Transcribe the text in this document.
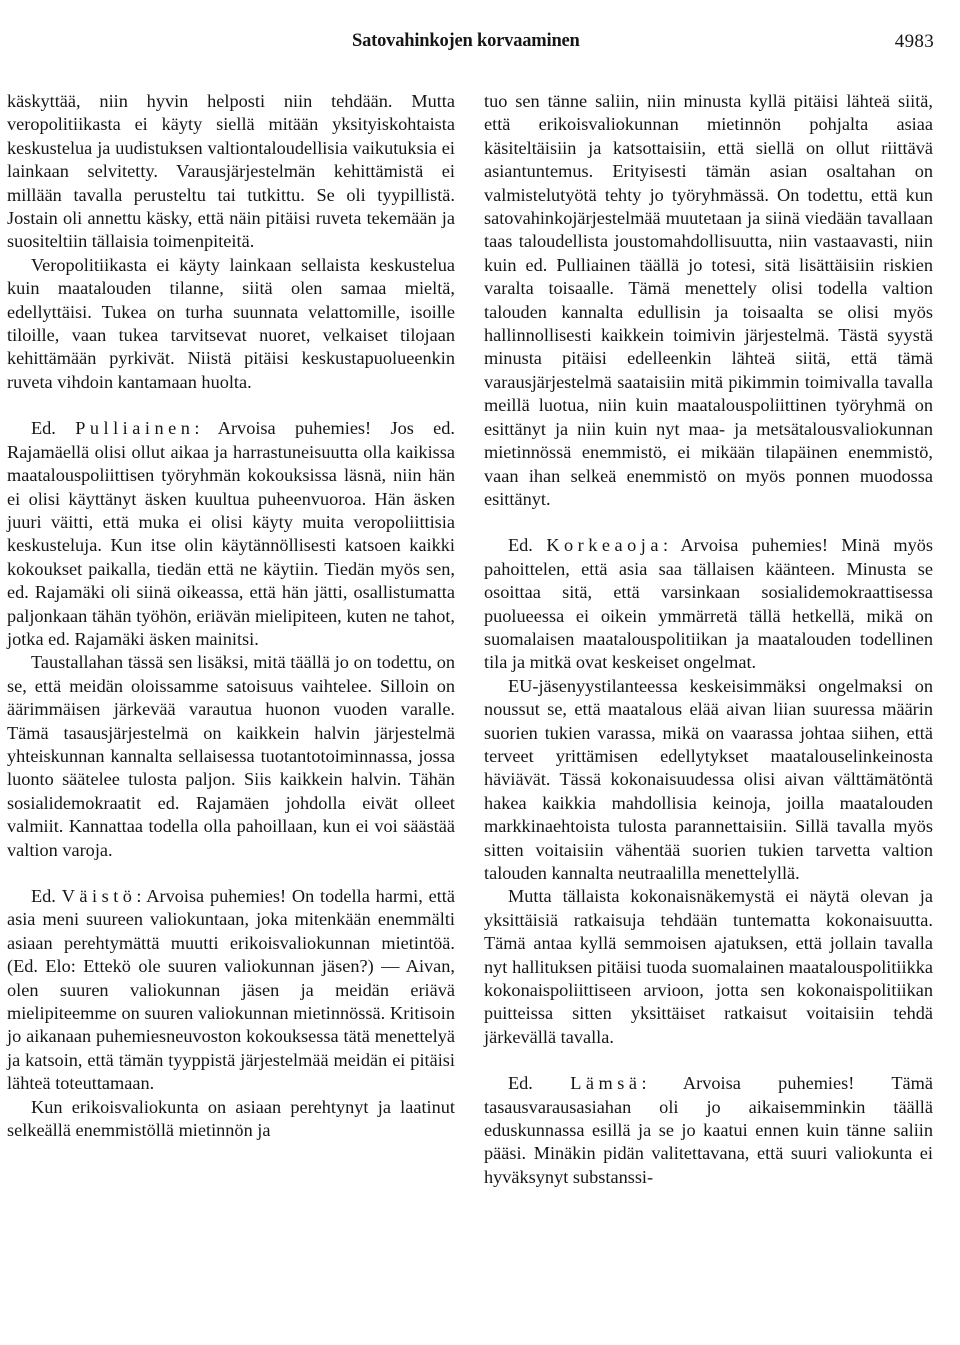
Satovahinkojen korvaaminen	4983

käskyttää, niin hyvin helposti niin tehdään. Mutta veropolitiikasta ei käyty siellä mitään yksityiskohtaista keskustelua ja uudistuksen valtiontaloudellisia vaikutuksia ei lainkaan selvitetty. Varausjärjestelmän kehittämistä ei millään tavalla perusteltu tai tutkittu. Se oli tyypillistä. Jostain oli annettu käsky, että näin pitäisi ruveta tekemään ja suositeltiin tällaisia toimenpiteitä.

Veropolitiikasta ei käyty lainkaan sellaista keskustelua kuin maatalouden tilanne, siitä olen samaa mieltä, edellyttäisi. Tukea on turha suunnata velattomille, isoille tiloille, vaan tukea tarvitsevat nuoret, velkaiset tilojaan kehittämään pyrkivät. Niistä pitäisi keskustapuolueenkin ruveta vihdoin kantamaan huolta.

Ed. Pulliainen: Arvoisa puhemies! Jos ed. Rajamäellä olisi ollut aikaa ja harrastuneisuutta olla kaikissa maatalouspoliittisen työryhmän kokouksissa läsnä, niin hän ei olisi käyttänyt äsken kuultua puheenvuoroa. Hän äsken juuri väitti, että muka ei olisi käyty muita veropoliittisia keskusteluja. Kun itse olin käytännöllisesti katsoen kaikki kokoukset paikalla, tiedän että ne käytiin. Tiedän myös sen, ed. Rajamäki oli siinä oikeassa, että hän jätti, osallistumatta paljonkaan tähän työhön, eriävän mielipiteen, kuten ne tahot, jotka ed. Rajamäki äsken mainitsi.

Taustallahan tässä sen lisäksi, mitä täällä jo on todettu, on se, että meidän oloissamme satoisuus vaihtelee. Silloin on äärimmäisen järkevää varautua huonon vuoden varalle. Tämä tasausjärjestelmä on kaikkein halvin järjestelmä yhteiskunnan kannalta sellaisessa tuotantotoiminnassa, jossa luonto säätelee tulosta paljon. Siis kaikkein halvin. Tähän sosialidemokraatit ed. Rajamäen johdolla eivät olleet valmiit. Kannattaa todella olla pahoillaan, kun ei voi säästää valtion varoja.

Ed. Väistö: Arvoisa puhemies! On todella harmi, että asia meni suureen valiokuntaan, joka mitenkään enemmälti asiaan perehtymättä muutti erikoisvaliokunnan mietintöä. (Ed. Elo: Ettekö ole suuren valiokunnan jäsen?) — Aivan, olen suuren valiokunnan jäsen ja meidän eriävä mielipiteemme on suuren valiokunnan mietinnössä. Kritisoin jo aikanaan puhemiesneuvoston kokouksessa tätä menettelyä ja katsoin, että tämän tyyppistä järjestelmää meidän ei pitäisi lähteä toteuttamaan.

Kun erikoisvaliokunta on asiaan perehtynyt ja laatinut selkeällä enemmistöllä mietinnön ja

tuo sen tänne saliin, niin minusta kyllä pitäisi lähteä siitä, että erikoisvaliokunnan mietinnön pohjalta asiaa käsiteltäisiin ja katsottaisiin, että siellä on ollut riittävä asiantuntemus. Erityisesti tämän asian osaltahan on valmistelutyötä tehty jo työryhmässä. On todettu, että kun satovahinkojärjestelmää muutetaan ja siinä viedään tavallaan taas taloudellista joustomahdollisuutta, niin vastaavasti, niin kuin ed. Pulliainen täällä jo totesi, sitä lisättäisiin riskien varalta toisaalle. Tämä menettely olisi todella valtion talouden kannalta edullisin ja toisaalta se olisi myös hallinnollisesti kaikkein toimivin järjestelmä. Tästä syystä minusta pitäisi edelleenkin lähteä siitä, että tämä varausjärjestelmä saataisiin mitä pikimmin toimivalla tavalla meillä luotua, niin kuin maatalouspoliittinen työryhmä on esittänyt ja niin kuin nyt maa- ja metsätalousvaliokunnan mietinnössä enemmistö, ei mikään tilapäinen enemmistö, vaan ihan selkeä enemmistö on myös ponnen muodossa esittänyt.

Ed. Korkeaoja: Arvoisa puhemies! Minä myös pahoittelen, että asia saa tällaisen käänteen. Minusta se osoittaa sitä, että varsinkaan sosialidemokraattisessa puolueessa ei oikein ymmärretä tällä hetkellä, mikä on suomalaisen maatalouspolitiikan ja maatalouden todellinen tila ja mitkä ovat keskeiset ongelmat.

EU-jäsenyystilanteessa keskeisimmäksi ongelmaksi on noussut se, että maatalous elää aivan liian suuressa määrin suorien tukien varassa, mikä on vaarassa johtaa siihen, että terveet yrittämisen edellytykset maatalouselinkeinosta häviävät. Tässä kokonaisuudessa olisi aivan välttämätöntä hakea kaikkia mahdollisia keinoja, joilla maatalouden markkinaehtoista tulosta parannettaisiin. Sillä tavalla myös sitten voitaisiin vähentää suorien tukien tarvetta valtion talouden kannalta neutraalilla menettelyllä.

Mutta tällaista kokonaisnäkemystä ei näytä olevan ja yksittäisiä ratkaisuja tehdään tuntematta kokonaisuutta. Tämä antaa kyllä semmoisen ajatuksen, että jollain tavalla nyt hallituksen pitäisi tuoda suomalainen maatalouspolitiikka kokonaispoliittiseen arvioon, jotta sen kokonaispolitiikan puitteissa sitten yksittäiset ratkaisut voitaisiin tehdä järkevällä tavalla.

Ed. Lämsä: Arvoisa puhemies! Tämä tasausvarausasiahan oli jo aikaisemminkin täällä eduskunnassa esillä ja se jo kaatui ennen kuin tänne saliin pääsi. Minäkin pidän valitettavana, että suuri valiokunta ei hyväksynyt substanssi-
